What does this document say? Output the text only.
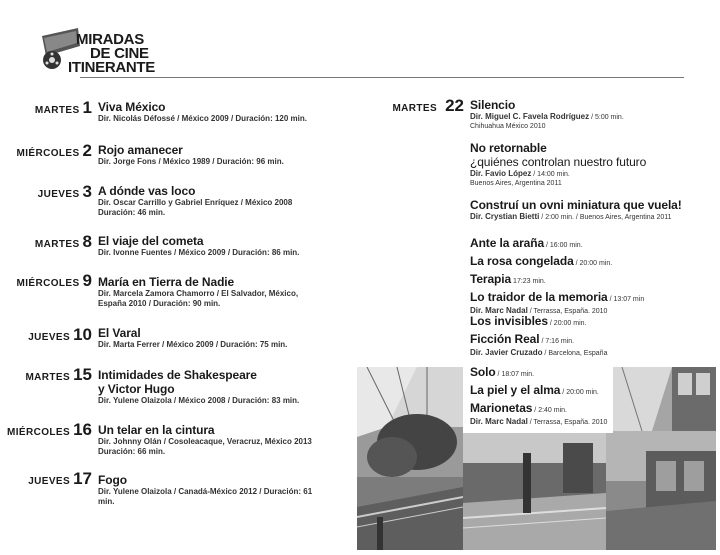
MIRADAS
DE CINE
ITINERANTE
MARTES 1 Viva México
Dir. Nicolás Défossé / México 2009 / Duración: 120 min.
MIÉRCOLES 2 Rojo amanecer
Dir. Jorge Fons / México 1989 / Duración: 96 min.
JUEVES 3 A dónde vas loco
Dir. Oscar Carrillo y Gabriel Enríquez / México 2008
Duración: 46 min.
MARTES 8 El viaje del cometa
Dir. Ivonne Fuentes / México 2009 / Duración: 86 min.
MIÉRCOLES 9 María en Tierra de Nadie
Dir. Marcela Zamora Chamorro / El Salvador, México,
España 2010 / Duración: 90 min.
JUEVES 10 El Varal
Dir. Marta Ferrer / México 2009 / Duración: 75 min.
MARTES 15 Intimidades de Shakespeare
y Victor Hugo
Dir. Yulene Olaizola / México 2008 / Duración: 83 min.
MIÉRCOLES 16 Un telar en la cintura
Dir. Johnny Olán / Cosoleacaque, Veracruz, México 2013
Duración: 66 min.
JUEVES 17 Fogo
Dir. Yulene Olaizola / Canadá-México 2012 / Duración: 61
min.
MARTES 22 Silencio
Dir. Miguel C. Favela Rodríguez / 5:00 min.
Chihuahua México 2010
No retornable
¿quiénes controlan nuestro futuro
Dir. Favio López / 14:00 min.
Buenos Aires, Argentina 2011
Construí un ovni miniatura que vuela!
Dir. Crystian Bietti / 2:00 min. / Buenos Aires, Argentina 2011
Ante la araña / 16:00 min.
La rosa congelada / 20:00 min.
Terapia 17:23 min.
Lo traidor de la memoria / 13:07 min
Dir. Marc Nadal / Terrassa, España. 2010
Los invisibles / 20:00 min.
Ficción Real / 7:16 min.
Dir. Javier Cruzado / Barcelona, España
Solo / 18:07 min.
La piel y el alma / 20:00 min.
Marionetas / 2:40 min.
Dir. Marc Nadal / Terrassa, España. 2010
